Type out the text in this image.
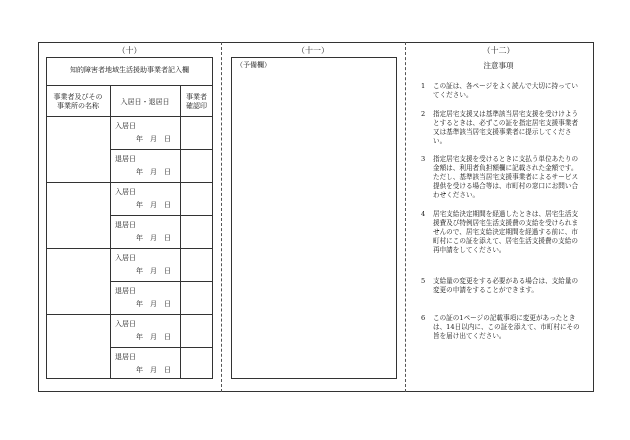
（十）
知的障害者地域生活援助事業者記入欄
事業者及びその
事業所の名称	入居日・退居日
事業者
確認印
入居日
年　月　日
退居日
年　月　日
入居日
年　月　日
退居日
年　月　日
入居日
年　月　日
退居日
年　月　日
入居日
年　月　日
退居日
年　月　日
（十一）
（予備欄）
（十二）
注意事項
1 この証は、各ページをよく読んで大切に持っていてください。
2 指定居宅支援又は基準該当居宅支援を受けけようとするときは、必ずこの証を指定居宅支援事業者又は基準該当居宅支援事業者に提示してください。
3 指定居宅支援を受けるときに支払う単位あたりの金額は、利用者負担額欄に記載された金額です。ただし、基準該当居宅支援事業者によるサービス提供を受ける場合等は、市町村の窓口にお問い合わせください。
4 居宅支給決定期間を経過したときは、居宅生活支援費及び特例居宅生活支援費の支給を受けられませんので、居宅支給決定期間を経過する前に、市町村にこの証を添えて、居宅生活支援費の支給の再申請をしてください。
5 支給量の変更をする必要がある場合は、支給量の変更の申請をすることができます。
6 この証の1ページの記載事項に変更があったときは、14日以内に、この証を添えて、市町村にその旨を届け出てください。
